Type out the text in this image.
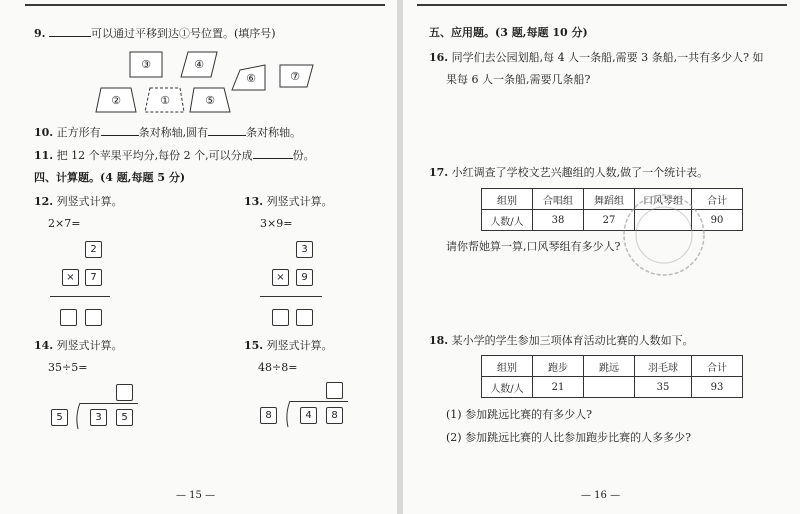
9.	可以通过平移到达①号位置。(填序号)
③	④
⑥	⑦
②	①	⑤
10. 正方形有	条对称轴,圆有	条对称轴。
11. 把 12 个苹果平均分,每份 2 个,可以分成	份。
四、计算题。(4 题,每题 5 分)
12. 列竖式计算。
2×7=
2
×	7
13. 列竖式计算。
3×9=
3
×	9
14. 列竖式计算。
35÷5=
5	3	5
15. 列竖式计算。
48÷8=
8	4	8
— 15 —
五、应用题。(3 题,每题 10 分)
16. 同学们去公园划船,每 4 人一条船,需要 3 条船,一共有多少人? 如
果每 6 人一条船,需要几条船?
17. 小红调查了学校文艺兴趣组的人数,做了一个统计表。
组别	合唱组	舞蹈组	口风琴组	合计
人数/人	38	27		90
请你帮她算一算,口风琴组有多少人?
18. 某小学的学生参加三项体育活动比赛的人数如下。
组别	跑步	跳远	羽毛球	合计
人数/人	21		35	93
(1) 参加跳远比赛的有多少人?
(2) 参加跳远比赛的人比参加跑步比赛的人多多少?
— 16 —
